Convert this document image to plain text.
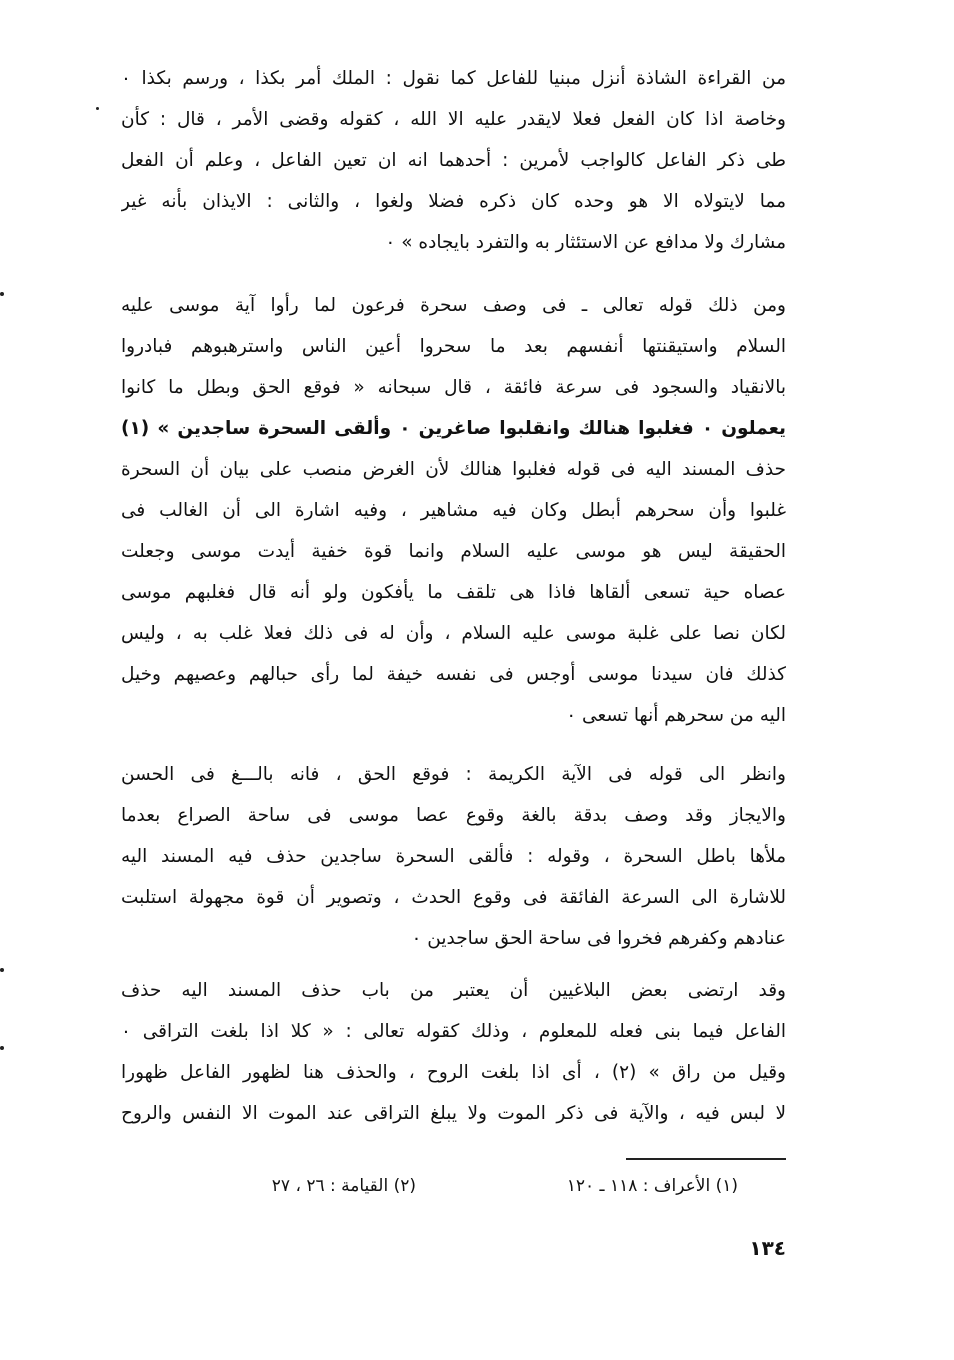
من القراءة الشاذة أنزل مبنيا للفاعل كما نقول : الملك أمر بكذا ، ورسم بكذا ٠
وخاصة اذا كان الفعل فعلا لايقدر عليه الا الله ، كقوله وقضى الأمر ، قال : كأن
طى ذكر الفاعل كالواجب لأمرين : أحدهما انه ان تعين الفاعل ، وعلم أن الفعل
مما لايتولاه الا هو وحده كان ذكره فضلا ولغوا ، والثانى : الايذان بأنه غير
مشارك ولا مدافع عن الاستئثار به والتفرد بايجاده » ٠
ومن ذلك قوله تعالى ـ فى وصف سحرة فرعون لما رأوا آية موسى عليه
السلام واستيقنتها أنفسهم بعد ما سحروا أعين الناس واسترهبوهم فبادروا
بالانقياد والسجود فى سرعة فائقة ، قال سبحانه « فوقع الحق وبطل ما كانوا
يعملون ٠ فغلبوا هنالك وانقلبوا صاغرين ٠ وألقى السحرة ساجدين » (١)
حذف المسند اليه فى قوله فغلبوا هنالك لأن الغرض منصب على بيان أن السحرة
غلبوا وأن سحرهم أبطل وكان فيه مشاهير ، وفيه اشارة الى أن الغالب فى
الحقيقة ليس هو موسى عليه السلام وانما قوة خفية أيدت موسى وجعلت
عصاه حية تسعى ألقاها فاذا هى تلقف ما يأفكون ولو أنه قال فغلبهم موسى
لكان نصا على غلبة موسى عليه السلام ، وأن له فى ذلك فعلا غلب به ، وليس
كذلك فان سيدنا موسى أوجس فى نفسه خيفة لما رأى حبالهم وعصيهم وخيل
اليه من سحرهم أنها تسعى ٠
وانظر الى قوله فى الآية الكريمة : فوقع الحق ، فانه بالـــغ فى الحسن
والايجاز وقد وصف بدقة بالغة وقوع عصا موسى فى ساحة الصراع بعدما
ملأها باطل السحرة ، وقوله : فألقى السحرة ساجدين حذف فيه المسند اليه
للاشارة الى السرعة الفائقة فى وقوع الحدث ، وتصوير أن قوة مجهولة استلبت
عنادهم وكفرهم فخروا فى ساحة الحق ساجدين ٠
وقد ارتضى بعض البلاغيين أن يعتبر من باب حذف المسند اليه حذف
الفاعل فيما بنى فعله للمعلوم ، وذلك كقوله تعالى : « كلا اذا بلغت التراقى ٠
وقيل من راق » (٢) ، أى اذا بلغت الروح ، والحذف هنا لظهور الفاعل ظهورا
لا لبس فيه ، والآية فى ذكر الموت ولا يبلغ التراقى عند الموت الا النفس والروح
(١) الأعراف : ١١٨ ـ ١٢٠
(٢) القيامة : ٢٦ ، ٢٧
١٣٤
